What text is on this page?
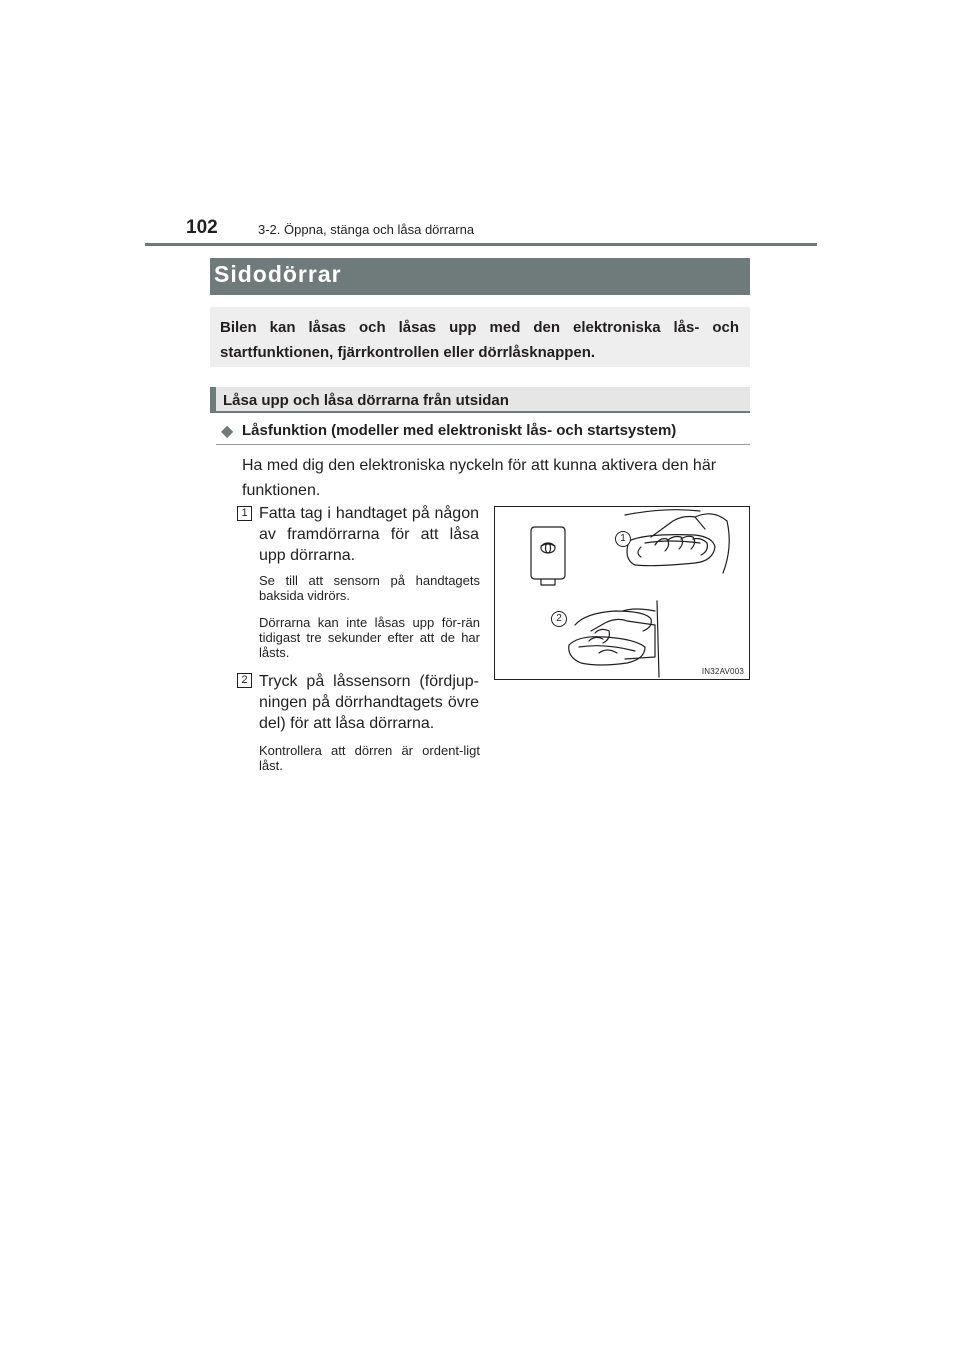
102	3-2. Öppna, stänga och låsa dörrarna
Sidodörrar
Bilen kan låsas och låsas upp med den elektroniska lås- och startfunktionen, fjärrkontrollen eller dörrlåsknappen.
Låsa upp och låsa dörrarna från utsidan
◆ Låsfunktion (modeller med elektroniskt lås- och startsystem)
Ha med dig den elektroniska nyckeln för att kunna aktivera den här funktionen.
1 Fatta tag i handtaget på någon av framdörrarna för att låsa upp dörrarna.
Se till att sensorn på handtagets baksida vidrörs.
Dörrarna kan inte låsas upp för-rän tidigast tre sekunder efter att de har låsts.
2 Tryck på låssensorn (fördjup-ningen på dörrhandtagets övre del) för att låsa dörrarna.
Kontrollera att dörren är ordent-ligt låst.
1
2
IN32AV003
